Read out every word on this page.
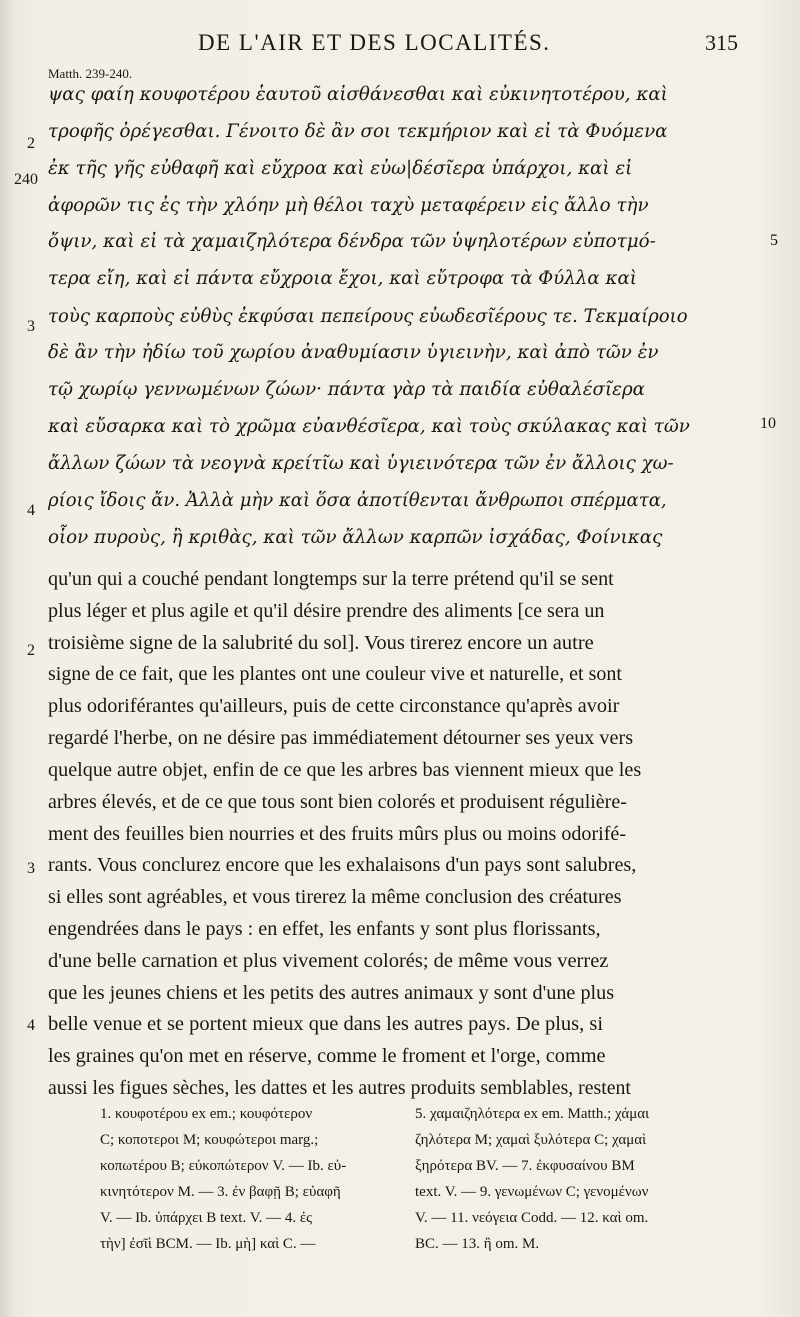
DE L'AIR ET DES LOCALITÉS.	315
Matth. 239-240.
ψας φαίη κουφοτέρου ἑαυτοῦ αἰσθάνεσθαι καὶ εὐκινητοτέρου, καὶ
τροφῆς ὀρέγεσθαι. Γένοιτο δὲ ἂν σοι τεκμήριον καὶ εἰ τὰ Φυόμενα
ἐκ τῆς γῆς εὐθαφῆ καὶ εὔχροα καὶ εὐω|δέσῖερα ὑπάρχοι, καὶ εἰ
ἀφορῶν τις ἐς τὴν χλόην μὴ θέλοι ταχὺ μεταφέρειν εἰς ἄλλο τὴν
ὄψιν, καὶ εἰ τὰ χαμαιζηλότερα δένδρα τῶν ὑψηλοτέρων εὐποτμό-
τερα εἴη, καὶ εἰ πάντα εὔχροια ἔχοι, καὶ εὔτροφα τὰ Φύλλα καὶ
τοὺς καρποὺς εὐθὺς ἐκφύσαι πεπείρους εὐωδεσῖέρους τε. Τεκμαίροιο
δὲ ἂν τὴν ἠδίω τοῦ χωρίου ἀναθυμίασιν ὑγιεινὴν, καὶ ἀπὸ τῶν ἐν
τῷ χωρίῳ γεννωμένων ζώων· πάντα γὰρ τὰ παιδία εὐθαλέσῖερα
καὶ εὔσαρκα καὶ τὸ χρῶμα εὐανθέσῖερα, καὶ τοὺς σκύλακας καὶ τῶν
ἄλλων ζώων τὰ νεογνὰ κρείτῖω καὶ ὑγιεινότερα τῶν ἐν ἄλλοις χω-
ρίοις ἴδοις ἄν. Ἀλλὰ μὴν καὶ ὅσα ἀποτίθενται ἄνθρωποι σπέρματα,
οἷον πυροὺς, ἢ κριθὰς, καὶ τῶν ἄλλων καρπῶν ἰσχάδας, Φοίνικας
2
240
3
4
5
10
qu'un qui a couché pendant longtemps sur la terre prétend qu'il se sent
plus léger et plus agile et qu'il désire prendre des aliments [ce sera un
troisième signe de la salubrité du sol]. Vous tirerez encore un autre
signe de ce fait, que les plantes ont une couleur vive et naturelle, et sont
plus odoriférantes qu'ailleurs, puis de cette circonstance qu'après avoir
regardé l'herbe, on ne désire pas immédiatement détourner ses yeux vers
quelque autre objet, enfin de ce que les arbres bas viennent mieux que les
arbres élevés, et de ce que tous sont bien colorés et produisent régulière-
ment des feuilles bien nourries et des fruits mûrs plus ou moins odorifé-
rants. Vous conclurez encore que les exhalaisons d'un pays sont salubres,
si elles sont agréables, et vous tirerez la même conclusion des créatures
engendrées dans le pays : en effet, les enfants y sont plus florissants,
d'une belle carnation et plus vivement colorés; de même vous verrez
que les jeunes chiens et les petits des autres animaux y sont d'une plus
belle venue et se portent mieux que dans les autres pays. De plus, si
les graines qu'on met en réserve, comme le froment et l'orge, comme
aussi les figues sèches, les dattes et les autres produits semblables, restent
2
3
4
1. κουφοτέρου ex em.; κουφότερον
C; κοποτεροι M; κουφώτεροι marg.;
κοπωτέρου B; εὐκοπώτερον V. — Ib. εὐ-
κινητότερον M. — 3. ἐν βαφῇ B; εὐαφῆ
V. — Ib. ὑπάρχει B text. V. — 4. ἐς
τὴν] ἐσῖὶ BCM. — Ib. μὴ] καὶ C. —
5. χαμαιζηλότερα ex em. Matth.; χάμαι
ζηλότερα M; χαμαὶ ξυλότερα C; χαμαὶ
ξηρότερα BV. — 7. ἐκφυσαίνου BM
text. V. — 9. γενωμένων C; γενομένων
V. — 11. νεόγεια Codd. — 12. καὶ om.
BC. — 13. ἢ om. M.
